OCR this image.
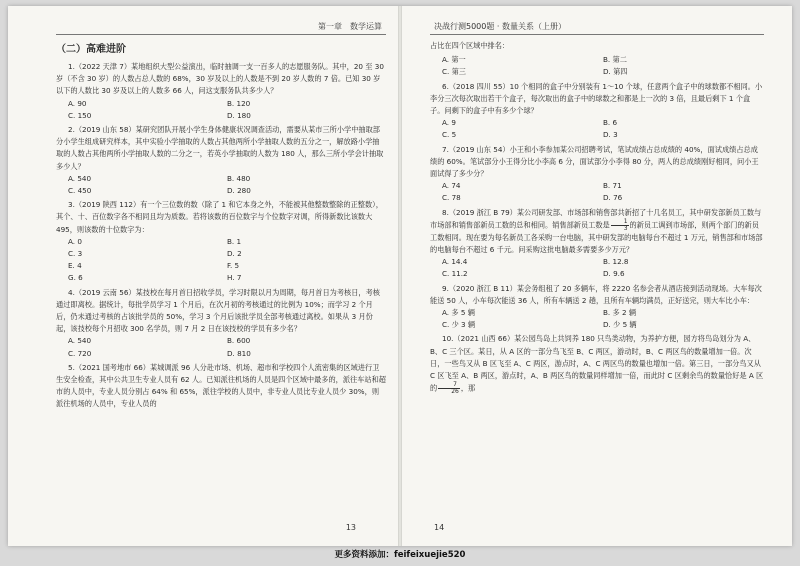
第一章　数学运算
（二）高难进阶

1.（2022 天津 7）某地组织大型公益演出，临时抽调一支一百多人的志愿服务队。其中，20 至 30 岁（不含 30 岁）的人数占总人数的 68%，30 岁及以上的人数是不到 20 岁人数的 7 倍。已知 30 岁以下的人数比 30 岁及以上的人数多 66 人，问这支服务队共多少人？

A. 90	B. 120
C. 150	D. 180

2.（2019 山东 58）某研究团队开展小学生身体健康状况调查活动，需要从某市三所小学中抽取部分小学生组成研究样本，其中实验小学抽取的人数占其他两所小学抽取人数的五分之一，解放路小学抽取的人数占其他两所小学抽取人数的二分之一，若英小学抽取的人数为 180 人，那么三所小学会计抽取多少人？

A. 540	B. 480
C. 450	D. 280

3.（2019 陕西 112）有一个三位数的数（除了 1 和它本身之外，不能被其他整数整除的正整数），其个、十、百位数字各不相同且均为质数。若将该数的百位数字与个位数字对调，所得新数比该数大 495，则该数的十位数字为：

A. 0	B. 1
C. 3	D. 2
E. 4	F. 5
G. 6	H. 7

4.（2019 云南 56）某技校在每月首日招收学员，学习时限以月为周期，每月首日为考核日，考核通过即离校。据统计，每批学员学习 1 个月后，在次月初的考核通过的比例为 10%；而学习 2 个月后，仍未通过考核的占该批学员的 50%，学习 3 个月后该批学员全部考核通过离校。如果从 3 月份起，该技校每个月招收 300 名学员，则 7 月 2 日在该技校的学员有多少名？

A. 540	B. 600
C. 720	D. 810

5.（2021 国考地市 66）某城调派 96 人分赴市场、机场、超市和学校四个人流密集的区域进行卫生安全检查，其中公共卫生专业人员有 62 人。已知派往机场的人员是四个区域中最多的，派往车站和超市的人员中，专业人员分别占 64% 和 65%，派往学校的人员中，非专业人员比专业人员少 30%，则派往机场的人员中，专业人员的

13
决战行测5000题 · 数量关系（上册）

占比在四个区域中排名：

A. 第一	B. 第二
C. 第三	D. 第四

6.（2018 四川 55）10 个相同的盒子中分别装有 1～10 个球，任意两个盒子中的球数都不相同。小李分三次每次取出若干个盒子，每次取出的盒子中的球数之和都是上一次的 3 倍，且最后剩下 1 个盒子。问剩下的盒子中有多少个球？

A. 9	B. 6
C. 5	D. 3

7.（2019 山东 54）小王和小李参加某公司招聘考试，笔试成绩占总成绩的 40%，面试成绩占总成绩的 60%。笔试部分小王得分比小李高 6 分，面试部分小李得 80 分，两人的总成绩刚好相同，问小王面试得了多少分？

A. 74	B. 71
C. 78	D. 76

8.（2019 浙江 B 79）某公司研发部、市场部和销售部共新招了十几名员工，其中研发部新员工数与市场部和销售部新员工数的总和相同。销售部新员工数是 $\frac{1}{3}$ 的新员工调到市场部，则两个部门的新员工数相同。现在要为每名新员工各采购一台电脑，其中研发部的电脑每台不超过 1 万元，销售部和市场部的电脑每台不超过 6 千元。问采购这批电脑最多需要多少万元？

A. 14.4	B. 12.8
C. 11.2	D. 9.6

9.（2020 浙江 B 11）某会务组租了 20 多辆车，将 2220 名参会者从酒店接到活动现场。大车每次能送 50 人，小车每次能送 36 人，所有车辆送 2 趟，且所有车辆均满员，正好送完，则大车比小车：

A. 多 5 辆	B. 多 2 辆
C. 少 3 辆	D. 少 5 辆

10.（2021 山西 66）某公园鸟岛上共饲养 180 只鸟类动物，为养护方便，园方将鸟岛划分为 A、B、C 三个区。某日，从 A 区的一部分鸟飞至 B、C 两区，游动时，B、C 两区鸟的数量增加一倍。次日，一些鸟又从 B 区飞至 A、C 两区，游点时，A、C 两区鸟的数量也增加一倍。第三日，一部分鸟又从 C 区飞至 A、B 两区，游点时，A、B 两区鸟的数量同样增加一倍，而此时 C 区剩余鸟的数量恰好是 A 区的 $\frac{7}{26}$ ，那

14
更多资料添加：feifeixuejie520
